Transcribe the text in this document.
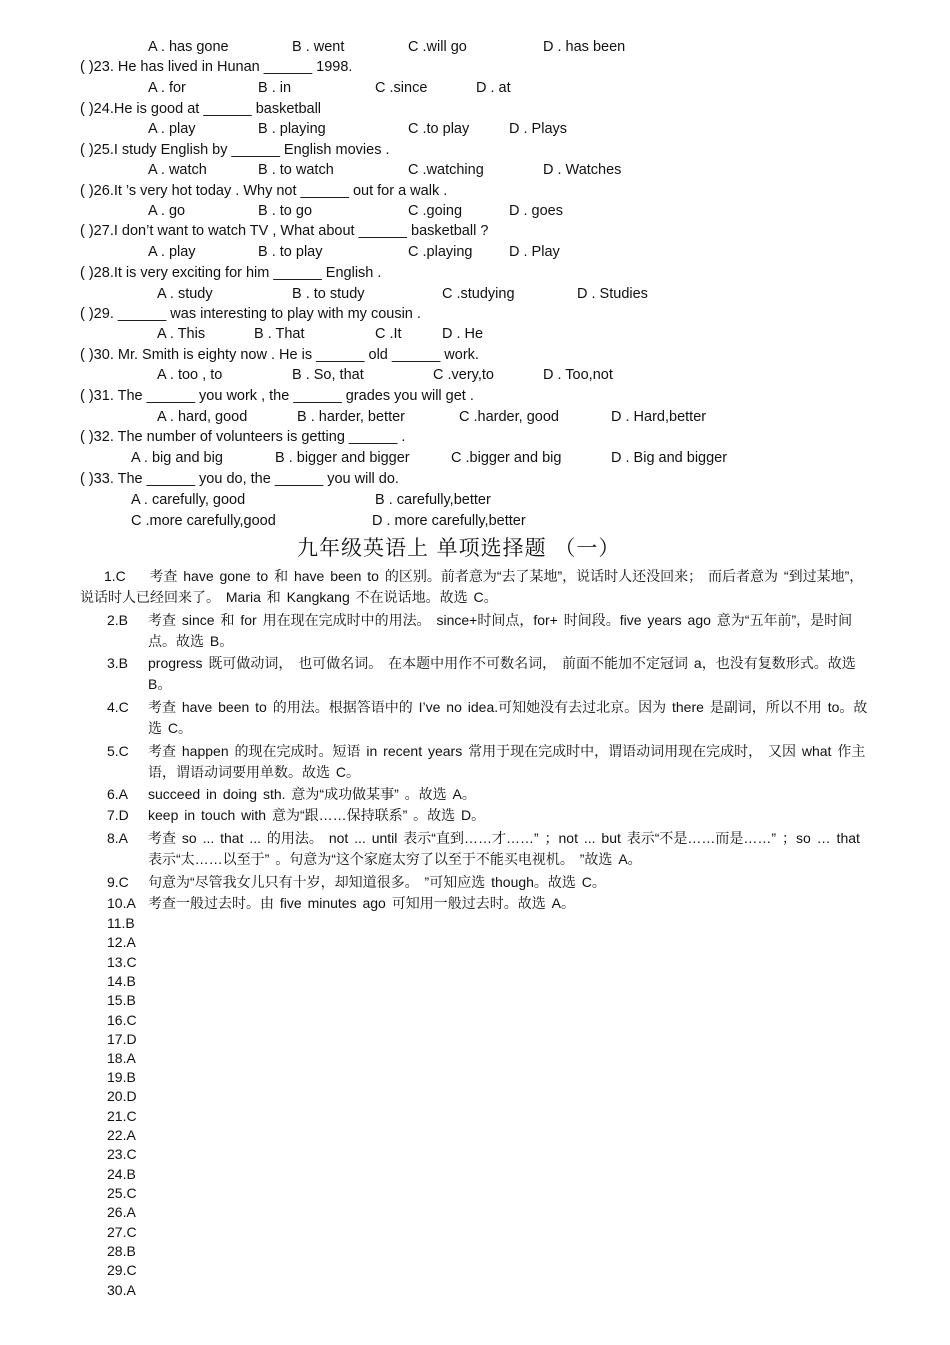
A . has gone	B . went	C .will go	D . has been
( )23. He has lived in Hunan ______ 1998.
A . for	B . in	C .since	D . at
( )24.He is good at ______ basketball
A . play	B . playing	C .to play	D . Plays
( )25.I study English by ______ English movies .
A . watch	B . to watch	C .watching	D . Watches
( )26.It ’s very hot today . Why not ______ out for a walk .
A . go	B . to go	C .going	D . goes
( )27.I don’t want to watch TV , What about ______ basketball ?
A . play	B . to play	C .playing	D . Play
( )28.It is very exciting for him ______ English .
A . study	B . to study	C .studying	D . Studies
( )29. ______ was interesting to play with my cousin .
A . This	B . That	C .It	D . He
( )30. Mr. Smith is eighty now . He is ______ old ______ work.
A . too , to	B . So, that	C .very,to	D . Too,not
( )31. The ______ you work , the ______ grades you will get .
A . hard, good	B . harder, better	C .harder, good	D . Hard,better
( )32. The number of volunteers is getting ______ .
A . big and big	B . bigger and bigger	C .bigger and big	D . Big and bigger
( )33. The ______ you do, the ______ you will do.
A . carefully, good	B . carefully,better
C .more carefully,good	D . more carefully,better
九年级英语上 单项选择题 （一）
1.C 考查 have gone to 和 have been to 的区别。前者意为“去了某地”，说话时人还没回来； 而后者意为 “到过某地”，说话时人已经回来了。 Maria 和 Kangkang 不在说话地。故选 C。
2.B 考查 since 和 for 用在现在完成时中的用法。 since+时间点，for+ 时间段。five years ago 意为“五年前”，是时间点。故选 B。
3.B progress 既可做动词， 也可做名词。 在本题中用作不可数名词， 前面不能加不定冠词 a，也没有复数形式。故选 B。
4.C 考查 have been to 的用法。根据答语中的 I’ve no idea.可知她没有去过北京。因为 there 是副词，所以不用 to。故选 C。
5.C 考查 happen 的现在完成时。短语 in recent years 常用于现在完成时中，谓语动词用现在完成时， 又因 what 作主语，谓语动词要用单数。故选 C。
6.A succeed in doing sth. 意为“成功做某事” 。故选 A。
7.D keep in touch with 意为“跟……保持联系” 。故选 D。
8.A 考查 so ... that ... 的用法。 not ... until 表示“直到……才……” ；not ... but 表示“不是……而是……” ；so … that 表示“太……以至于” 。句意为“这个家庭太穷了以至于不能买电视机。 ”故选 A。
9.C 句意为“尽管我女儿只有十岁，却知道很多。 ”可知应选 though。故选 C。
10.A 考查一般过去时。由 five minutes ago 可知用一般过去时。故选 A。
11.B
12.A
13.C
14.B
15.B
16.C
17.D
18.A
19.B
20.D
21.C
22.A
23.C
24.B
25.C
26.A
27.C
28.B
29.C
30.A
